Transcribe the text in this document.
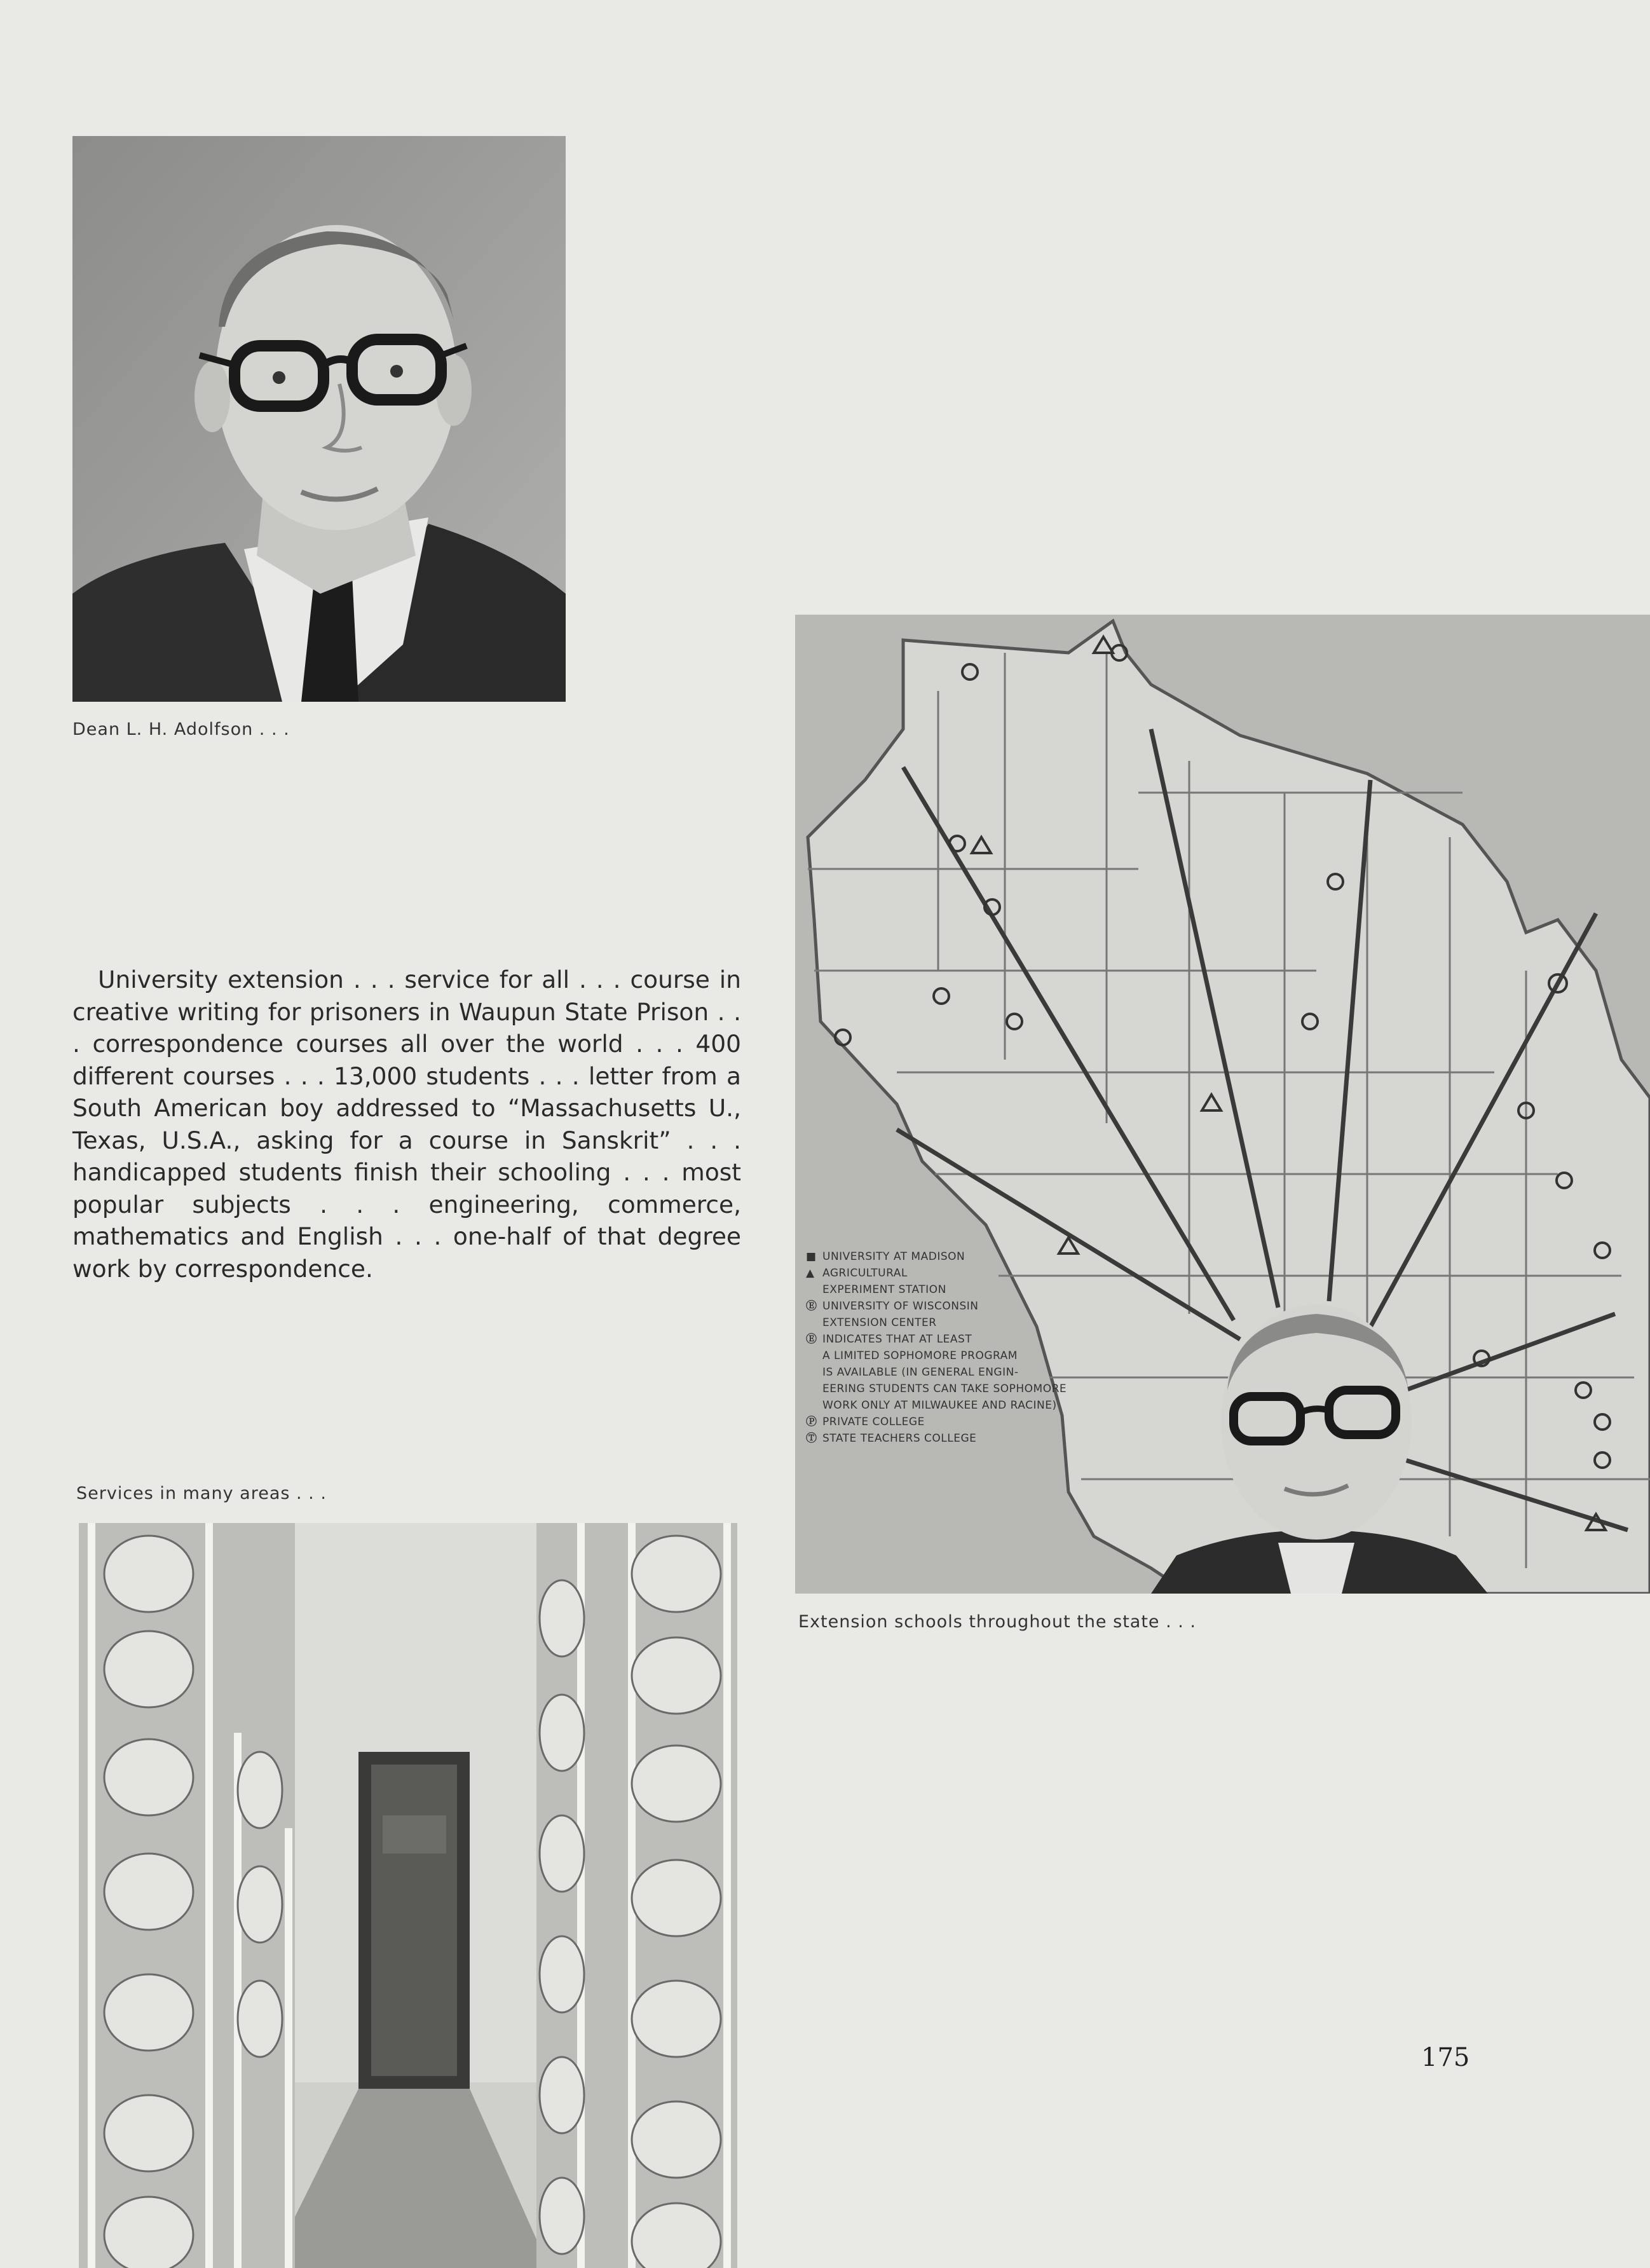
Dean L. H. Adolfson . . .
■ UNIVERSITY AT MADISON
▲ AGRICULTURAL
EXPERIMENT STATION
Ⓔ UNIVERSITY OF WISCONSIN
EXTENSION CENTER
Ⓔ INDICATES THAT AT LEAST
A LIMITED SOPHOMORE PROGRAM
IS AVAILABLE (IN GENERAL ENGIN-
EERING STUDENTS CAN TAKE SOPHOMORE
WORK ONLY AT MILWAUKEE AND RACINE)
Ⓟ PRIVATE COLLEGE
Ⓣ STATE TEACHERS COLLEGE
Extension schools throughout the state . . .

University extension . . . service for all . . . course in creative writing for prisoners in Waupun State Prison . . . correspondence courses all over the world . . . 400 different courses . . . 13,000 students . . . letter from a South American boy addressed to “Massachusetts U., Texas, U.S.A., asking for a course in Sanskrit” . . . handicapped students finish their schooling . . . most popular subjects . . . engineering, commerce, mathematics and English . . . one-half of that degree work by correspondence.

Services in many areas . . .
175
